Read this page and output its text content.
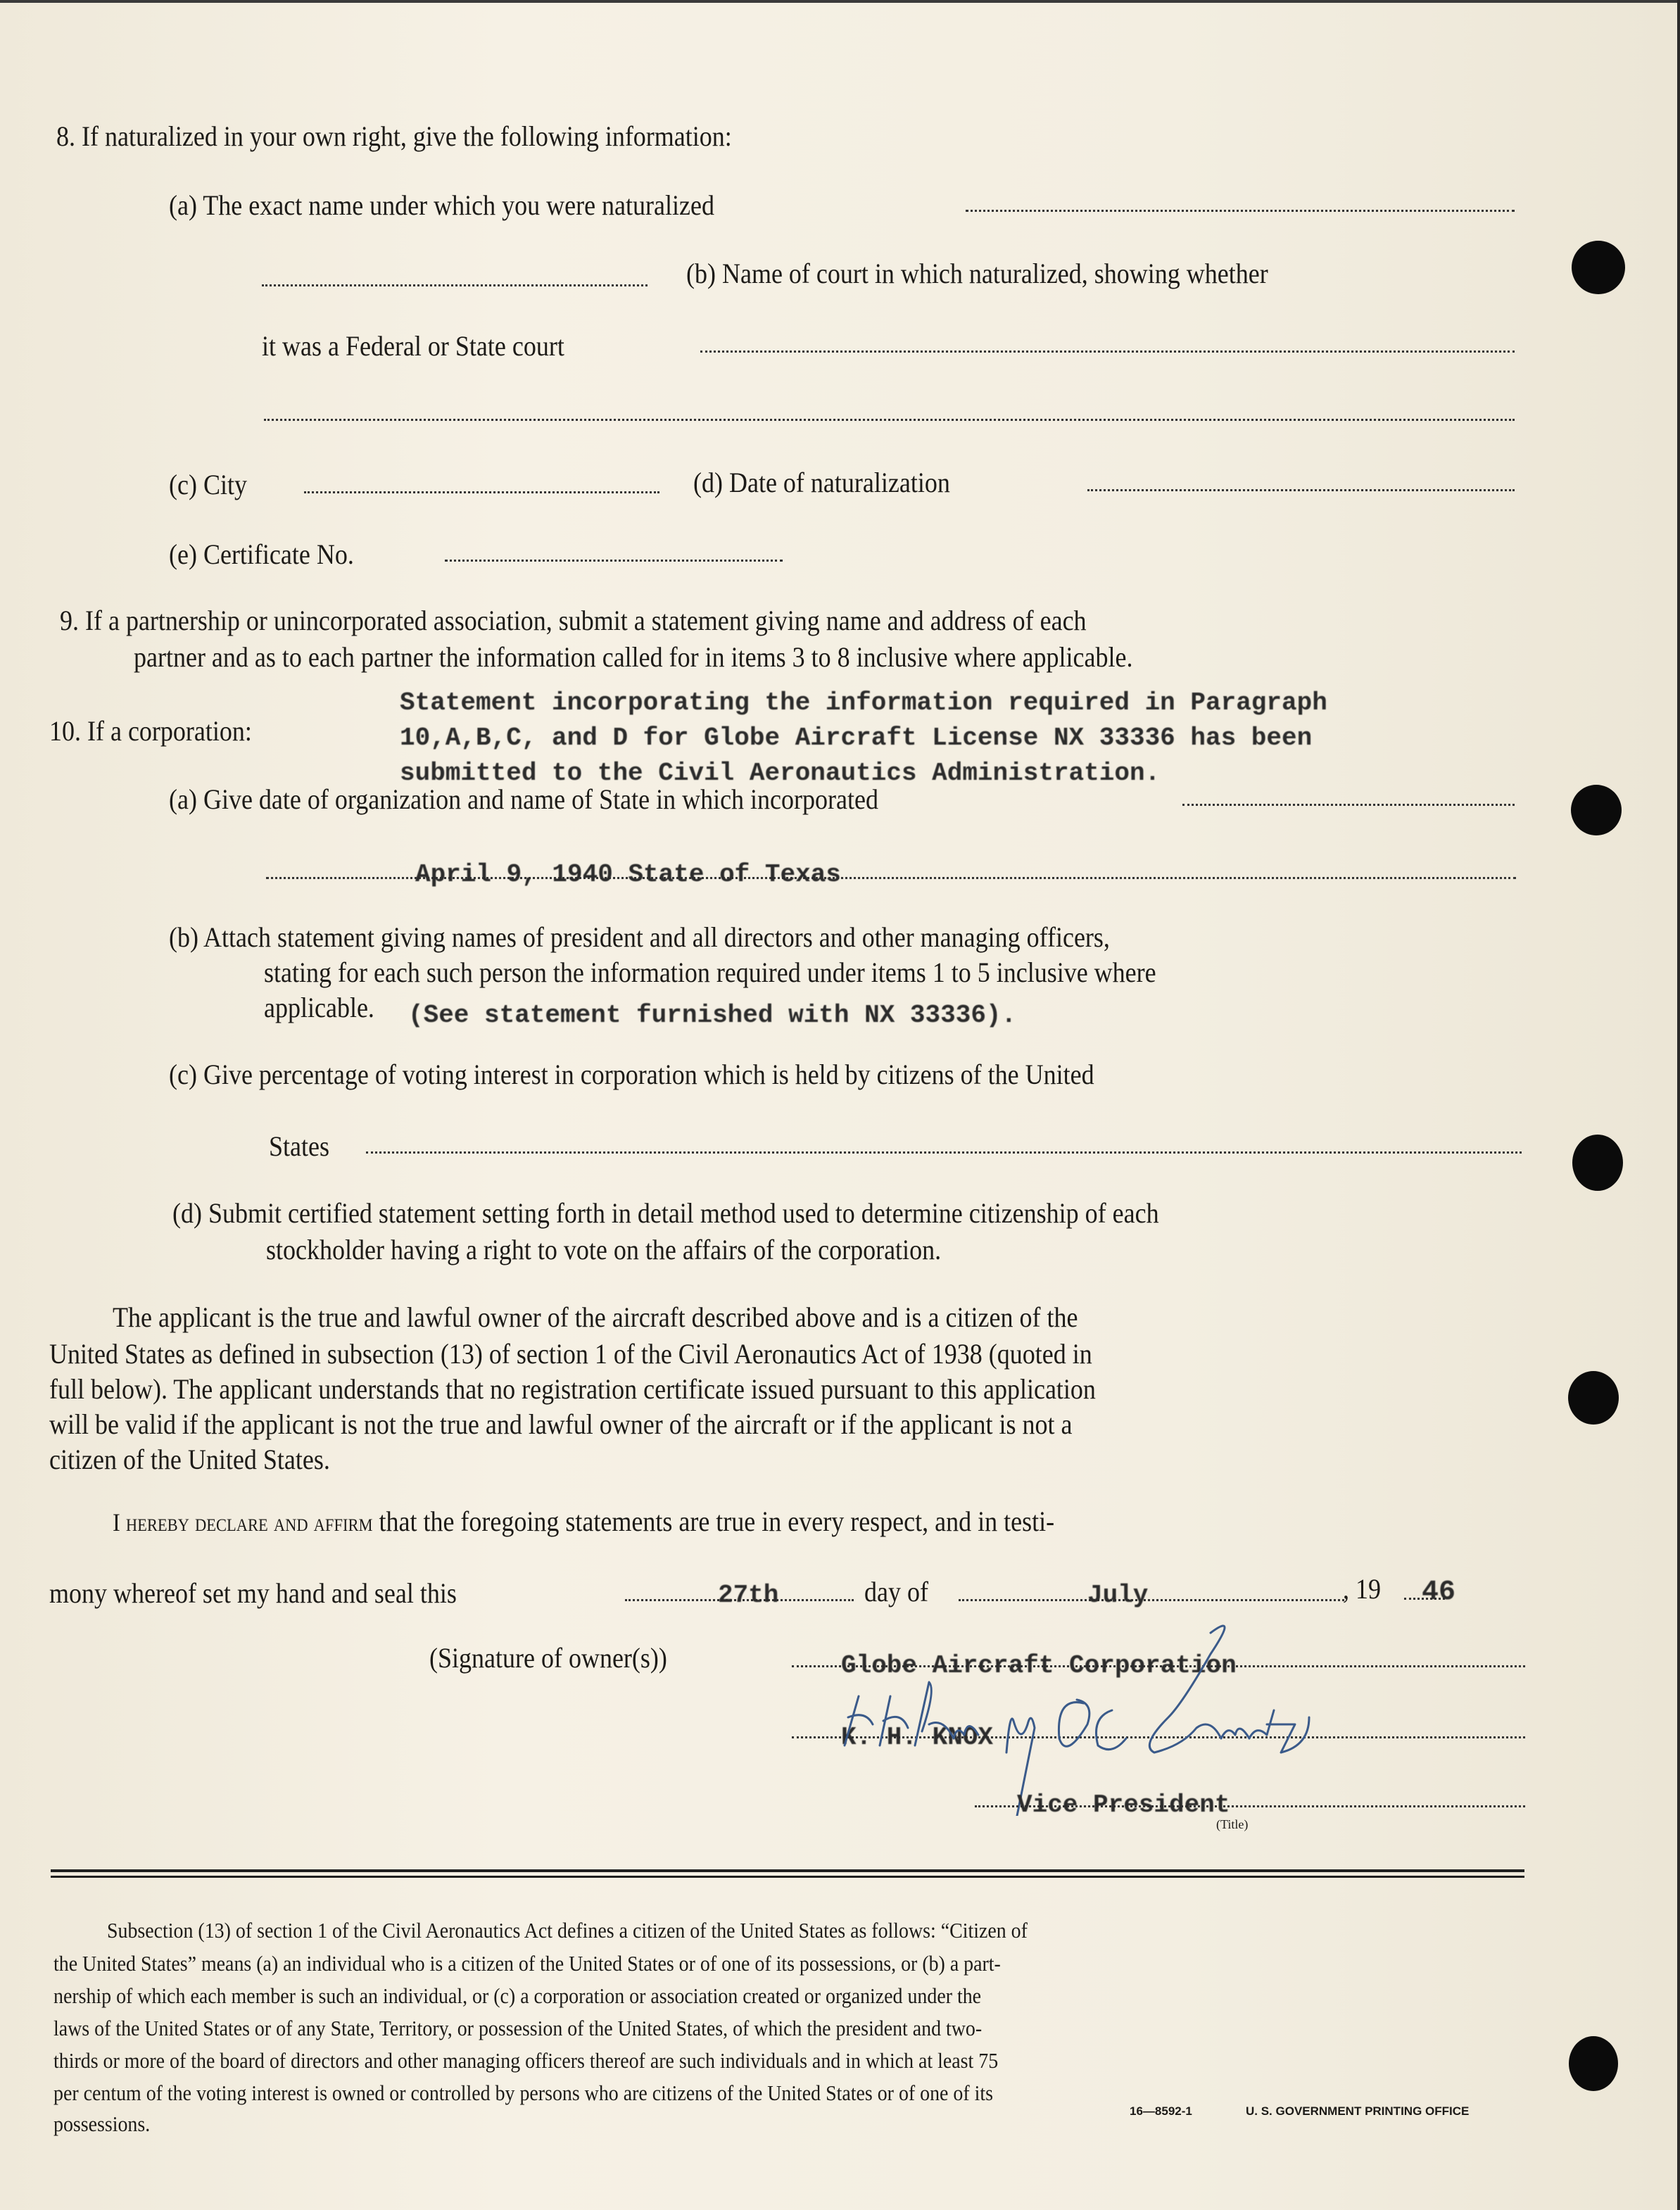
8. If naturalized in your own right, give the following information:
(a) The exact name under which you were naturalized
(b) Name of court in which naturalized, showing whether
it was a Federal or State court
(c) City	(d) Date of naturalization
(e) Certificate No.
9. If a partnership or unincorporated association, submit a statement giving name and address of each
partner and as to each partner the information called for in items 3 to 8 inclusive where applicable.
10. If a corporation:
Statement incorporating the information required in Paragraph
10,A,B,C, and D for Globe Aircraft License NX 33336 has been
submitted to the Civil Aeronautics Administration.
(a) Give date of organization and name of State in which incorporated
April 9, 1940 State of Texas
(b) Attach statement giving names of president and all directors and other managing officers,
stating for each such person the information required under items 1 to 5 inclusive where
applicable. (See statement furnished with NX 33336).
(c) Give percentage of voting interest in corporation which is held by citizens of the United
States
(d) Submit certified statement setting forth in detail method used to determine citizenship of each
stockholder having a right to vote on the affairs of the corporation.
The applicant is the true and lawful owner of the aircraft described above and is a citizen of the
United States as defined in subsection (13) of section 1 of the Civil Aeronautics Act of 1938 (quoted in
full below). The applicant understands that no registration certificate issued pursuant to this application
will be valid if the applicant is not the true and lawful owner of the aircraft or if the applicant is not a
citizen of the United States.
I hereby declare and affirm that the foregoing statements are true in every respect, and in testi-
mony whereof set my hand and seal this	27th	day of	July	, 19 46
(Signature of owner(s))	Globe Aircraft Corporation
K. H. KNOX
Vice President
(Title)
Subsection (13) of section 1 of the Civil Aeronautics Act defines a citizen of the United States as follows: “Citizen of
the United States” means (a) an individual who is a citizen of the United States or of one of its possessions, or (b) a part-
nership of which each member is such an individual, or (c) a corporation or association created or organized under the
laws of the United States or of any State, Territory, or possession of the United States, of which the president and two-
thirds or more of the board of directors and other managing officers thereof are such individuals and in which at least 75
per centum of the voting interest is owned or controlled by persons who are citizens of the United States or of one of its
possessions.
16—8592-1	U. S. GOVERNMENT PRINTING OFFICE
